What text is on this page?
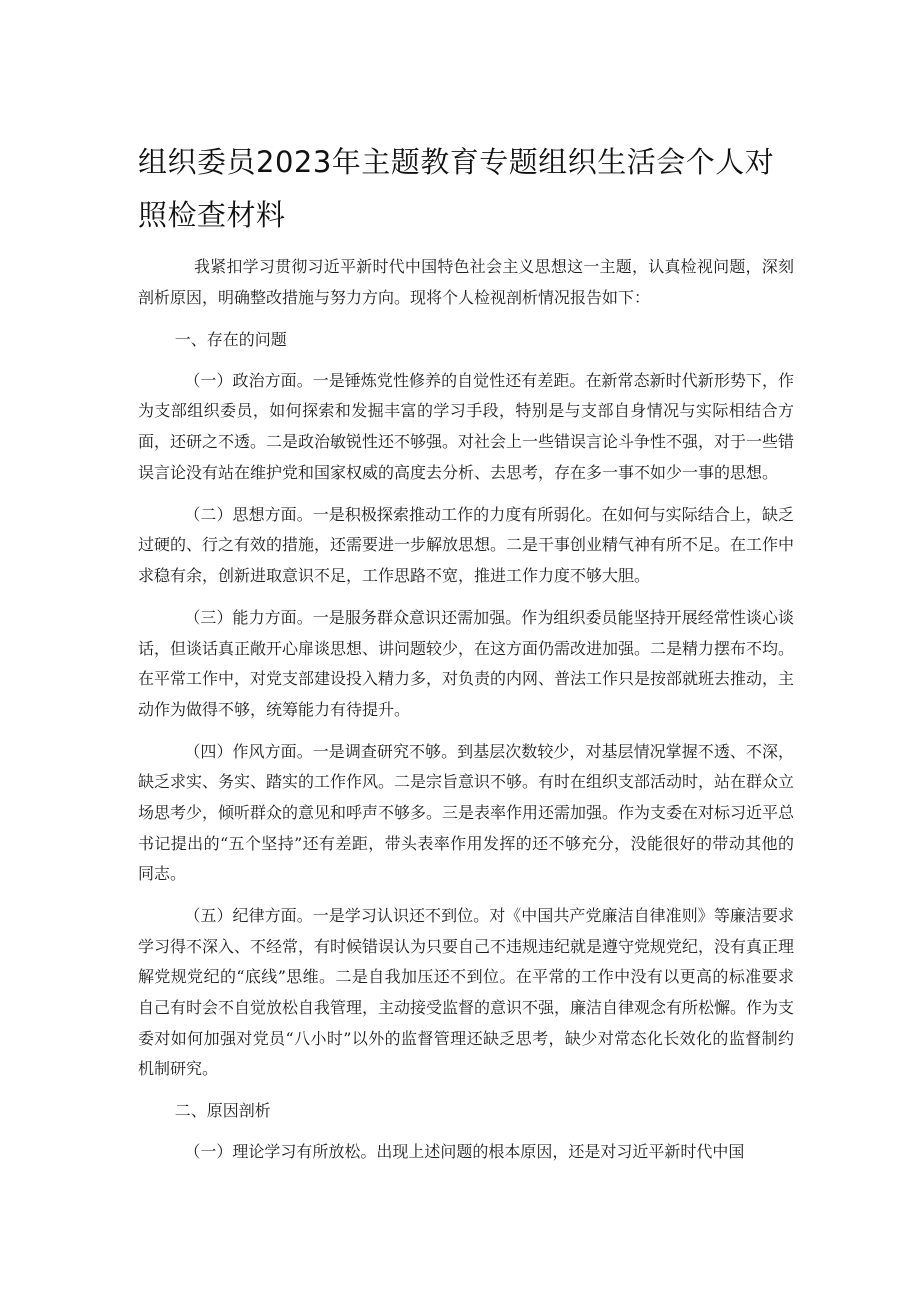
组织委员2023年主题教育专题组织生活会个人对照检查材料

我紧扣学习贯彻习近平新时代中国特色社会主义思想这一主题，认真检视问题，深刻剖析原因，明确整改措施与努力方向。现将个人检视剖析情况报告如下：

一、存在的问题

（一）政治方面。一是锤炼党性修养的自觉性还有差距。在新常态新时代新形势下，作为支部组织委员，如何探索和发掘丰富的学习手段，特别是与支部自身情况与实际相结合方面，还研之不透。二是政治敏锐性还不够强。对社会上一些错误言论斗争性不强，对于一些错误言论没有站在维护党和国家权威的高度去分析、去思考，存在多一事不如少一事的思想。

（二）思想方面。一是积极探索推动工作的力度有所弱化。在如何与实际结合上，缺乏过硬的、行之有效的措施，还需要进一步解放思想。二是干事创业精气神有所不足。在工作中求稳有余，创新进取意识不足，工作思路不宽，推进工作力度不够大胆。

（三）能力方面。一是服务群众意识还需加强。作为组织委员能坚持开展经常性谈心谈话，但谈话真正敞开心扉谈思想、讲问题较少，在这方面仍需改进加强。二是精力摆布不均。在平常工作中，对党支部建设投入精力多，对负责的内网、普法工作只是按部就班去推动，主动作为做得不够，统筹能力有待提升。

（四）作风方面。一是调查研究不够。到基层次数较少，对基层情况掌握不透、不深，缺乏求实、务实、踏实的工作作风。二是宗旨意识不够。有时在组织支部活动时，站在群众立场思考少，倾听群众的意见和呼声不够多。三是表率作用还需加强。作为支委在对标习近平总书记提出的“五个坚持”还有差距，带头表率作用发挥的还不够充分，没能很好的带动其他的同志。

（五）纪律方面。一是学习认识还不到位。对《中国共产党廉洁自律准则》等廉洁要求学习得不深入、不经常，有时候错误认为只要自己不违规违纪就是遵守党规党纪，没有真正理解党规党纪的“底线”思维。二是自我加压还不到位。在平常的工作中没有以更高的标准要求自己有时会不自觉放松自我管理，主动接受监督的意识不强，廉洁自律观念有所松懈。作为支委对如何加强对党员“八小时”以外的监督管理还缺乏思考，缺少对常态化长效化的监督制约机制研究。

二、原因剖析

（一）理论学习有所放松。出现上述问题的根本原因，还是对习近平新时代中国
